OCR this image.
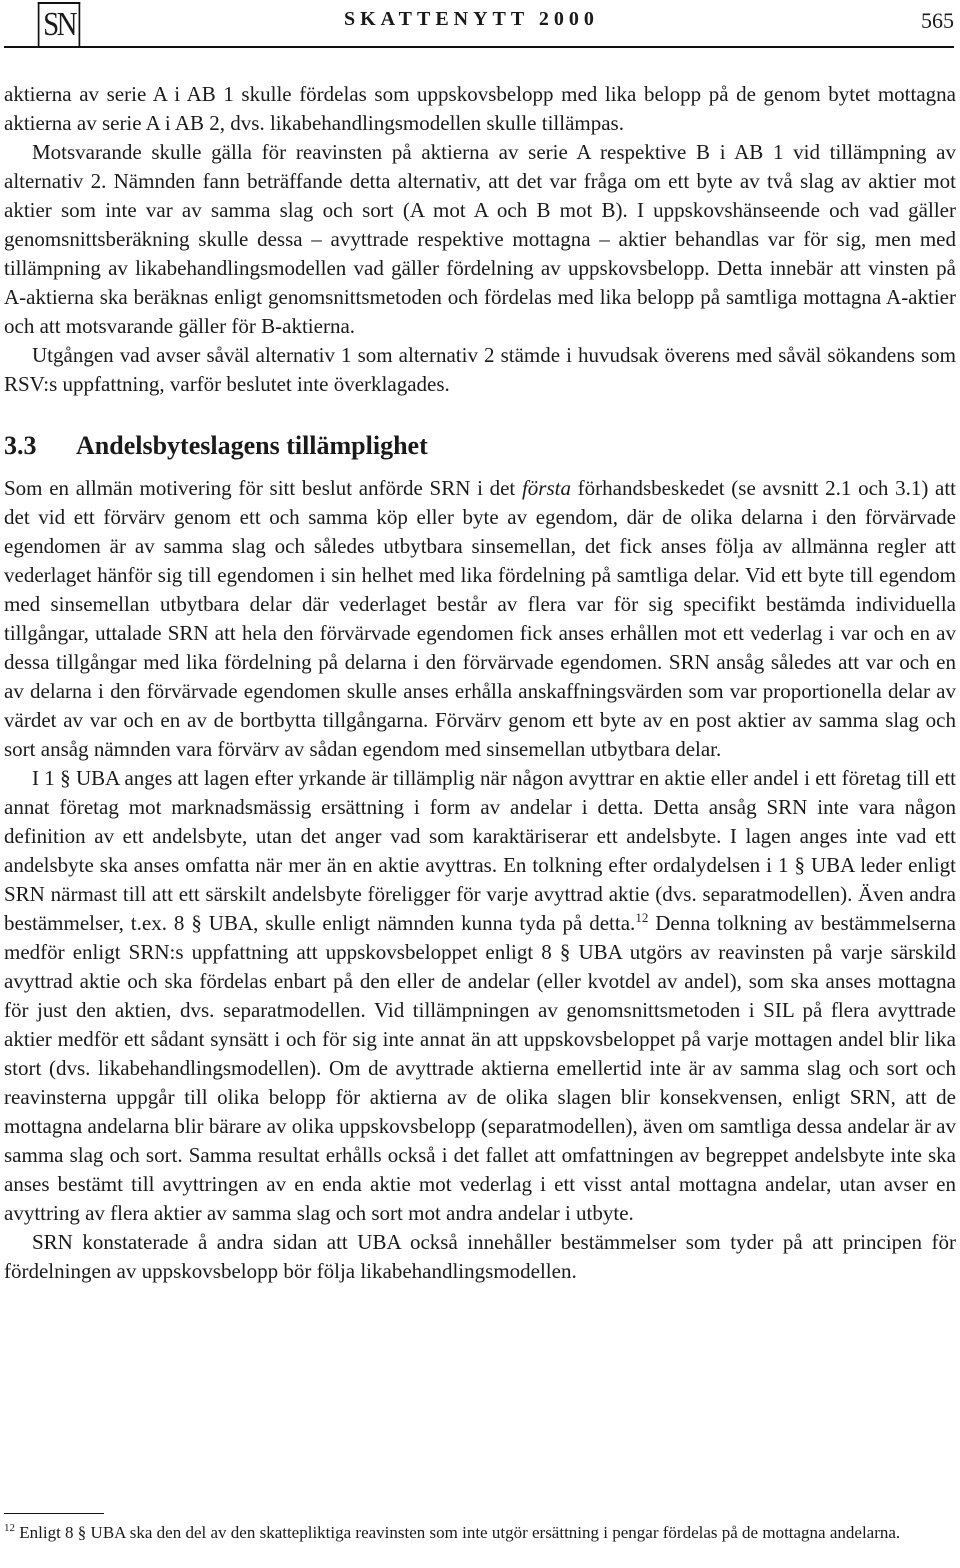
SN	SKATTENYTT 2000	565

aktierna av serie A i AB 1 skulle fördelas som uppskovsbelopp med lika belopp på de genom bytet mottagna aktierna av serie A i AB 2, dvs. likabehandlingsmodellen skulle tillämpas.

Motsvarande skulle gälla för reavinsten på aktierna av serie A respektive B i AB 1 vid tillämpning av alternativ 2. Nämnden fann beträffande detta alternativ, att det var fråga om ett byte av två slag av aktier mot aktier som inte var av samma slag och sort (A mot A och B mot B). I uppskovshänseende och vad gäller genomsnittsberäkning skulle dessa – avyttrade respektive mottagna – aktier behandlas var för sig, men med tillämpning av likabehandlingsmodellen vad gäller fördelning av uppskovsbelopp. Detta innebär att vinsten på A-aktierna ska beräknas enligt genomsnittsmetoden och fördelas med lika belopp på samtliga mottagna A-aktier och att motsvarande gäller för B-aktierna.

Utgången vad avser såväl alternativ 1 som alternativ 2 stämde i huvudsak överens med såväl sökandens som RSV:s uppfattning, varför beslutet inte överklagades.

3.3 Andelsbyteslagens tillämplighet

Som en allmän motivering för sitt beslut anförde SRN i det första förhandsbeskedet (se avsnitt 2.1 och 3.1) att det vid ett förvärv genom ett och samma köp eller byte av egendom, där de olika delarna i den förvärvade egendomen är av samma slag och således utbytbara sinsemellan, det fick anses följa av allmänna regler att vederlaget hänför sig till egendomen i sin helhet med lika fördelning på samtliga delar. Vid ett byte till egendom med sinsemellan utbytbara delar där vederlaget består av flera var för sig specifikt bestämda individuella tillgångar, uttalade SRN att hela den förvärvade egendomen fick anses erhållen mot ett vederlag i var och en av dessa tillgångar med lika fördelning på delarna i den förvärvade egendomen. SRN ansåg således att var och en av delarna i den förvärvade egendomen skulle anses erhålla anskaffningsvärden som var proportionella delar av värdet av var och en av de bortbytta tillgångarna. Förvärv genom ett byte av en post aktier av samma slag och sort ansåg nämnden vara förvärv av sådan egendom med sinsemellan utbytbara delar.

I 1 § UBA anges att lagen efter yrkande är tillämplig när någon avyttrar en aktie eller andel i ett företag till ett annat företag mot marknadsmässig ersättning i form av andelar i detta. Detta ansåg SRN inte vara någon definition av ett andelsbyte, utan det anger vad som karaktäriserar ett andelsbyte. I lagen anges inte vad ett andelsbyte ska anses omfatta när mer än en aktie avyttras. En tolkning efter ordalydelsen i 1 § UBA leder enligt SRN närmast till att ett särskilt andelsbyte föreligger för varje avyttrad aktie (dvs. separatmodellen). Även andra bestämmelser, t.ex. 8 § UBA, skulle enligt nämnden kunna tyda på detta.$^{12}$ Denna tolkning av bestämmelserna medför enligt SRN:s uppfattning att uppskovsbeloppet enligt 8 § UBA utgörs av reavinsten på varje särskild avyttrad aktie och ska fördelas enbart på den eller de andelar (eller kvotdel av andel), som ska anses mottagna för just den aktien, dvs. separatmodellen. Vid tillämpningen av genomsnittsmetoden i SIL på flera avyttrade aktier medför ett sådant synsätt i och för sig inte annat än att uppskovsbeloppet på varje mottagen andel blir lika stort (dvs. likabehandlingsmodellen). Om de avyttrade aktierna emellertid inte är av samma slag och sort och reavinsterna uppgår till olika belopp för aktierna av de olika slagen blir konsekvensen, enligt SRN, att de mottagna andelarna blir bärare av olika uppskovsbelopp (separatmodellen), även om samtliga dessa andelar är av samma slag och sort. Samma resultat erhålls också i det fallet att omfattningen av begreppet andelsbyte inte ska anses bestämt till avyttringen av en enda aktie mot vederlag i ett visst antal mottagna andelar, utan avser en avyttring av flera aktier av samma slag och sort mot andra andelar i utbyte.

SRN konstaterade å andra sidan att UBA också innehåller bestämmelser som tyder på att principen för fördelningen av uppskovsbelopp bör följa likabehandlingsmodellen.

$^{12}$ Enligt 8 § UBA ska den del av den skattepliktiga reavinsten som inte utgör ersättning i pengar fördelas på de mottagna andelarna.
